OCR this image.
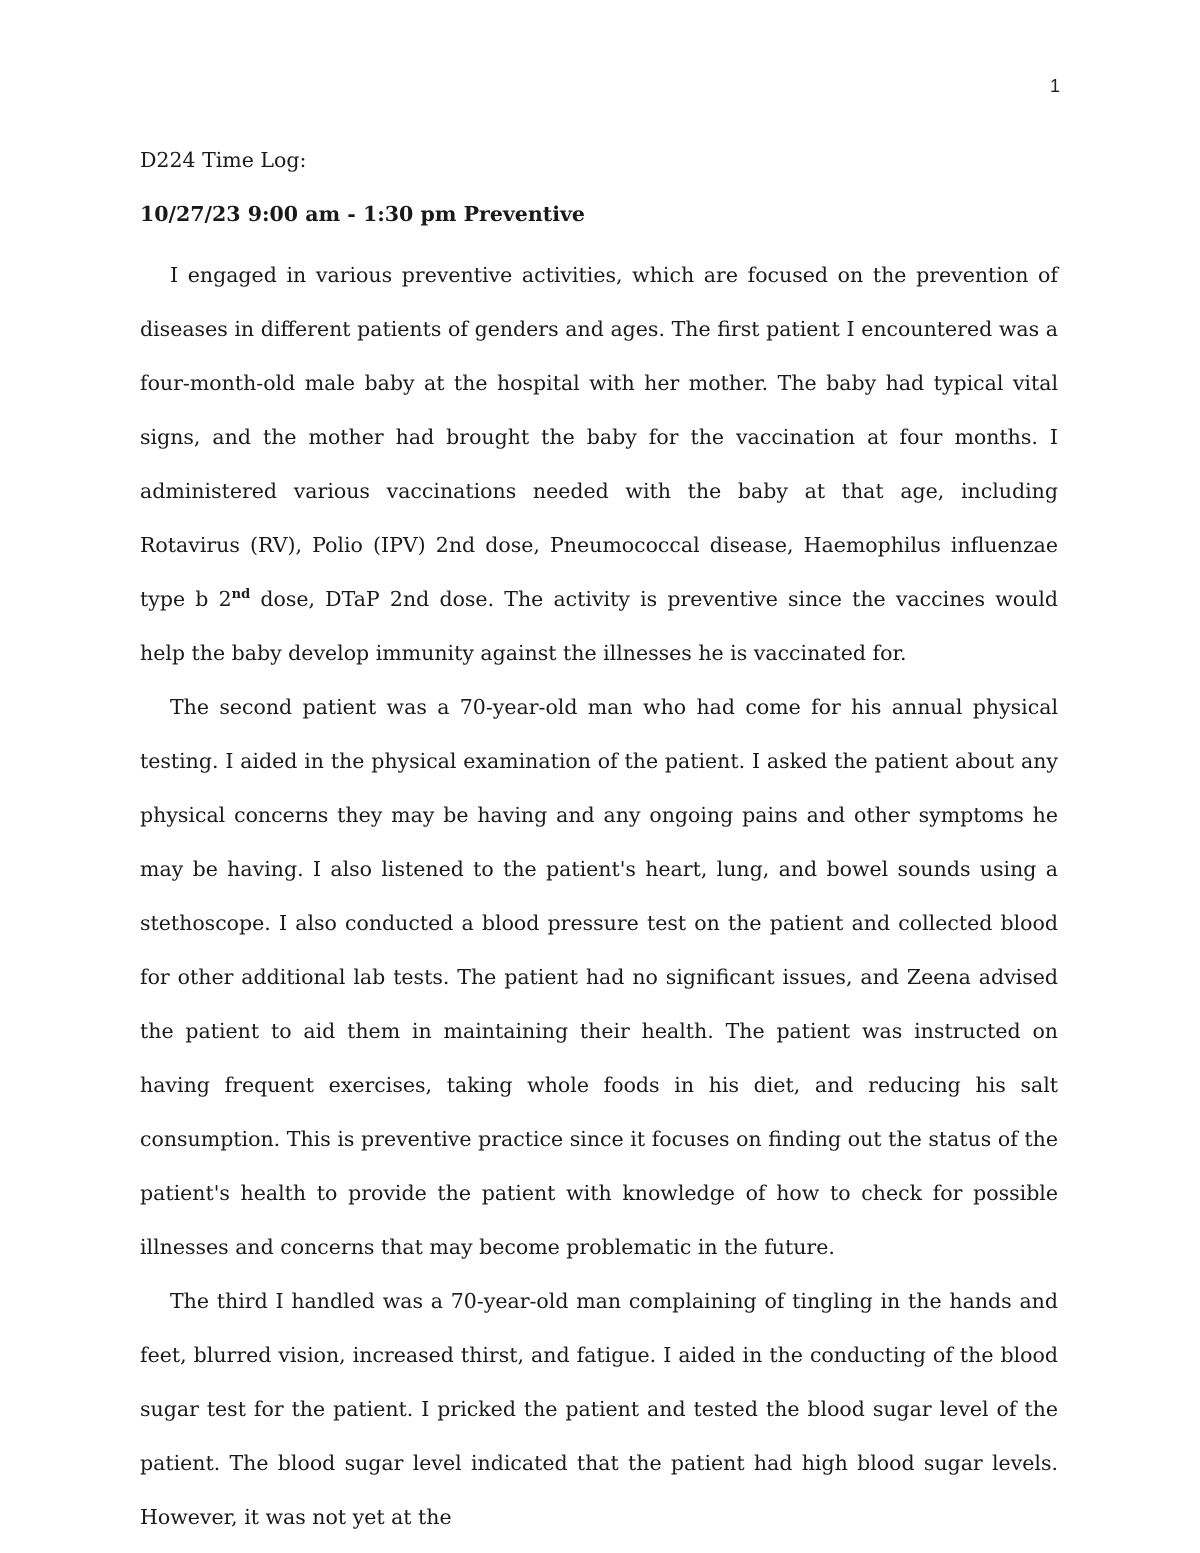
1
D224 Time Log:
10/27/23 9:00 am - 1:30 pm Preventive

I engaged in various preventive activities, which are focused on the prevention of diseases in different patients of genders and ages. The first patient I encountered was a four-month-old male baby at the hospital with her mother. The baby had typical vital signs, and the mother had brought the baby for the vaccination at four months. I administered various vaccinations needed with the baby at that age, including Rotavirus (RV), Polio (IPV) 2nd dose, Pneumococcal disease, Haemophilus influenzae type b 2nd dose, DTaP 2nd dose. The activity is preventive since the vaccines would help the baby develop immunity against the illnesses he is vaccinated for.

The second patient was a 70-year-old man who had come for his annual physical testing. I aided in the physical examination of the patient. I asked the patient about any physical concerns they may be having and any ongoing pains and other symptoms he may be having. I also listened to the patient's heart, lung, and bowel sounds using a stethoscope. I also conducted a blood pressure test on the patient and collected blood for other additional lab tests. The patient had no significant issues, and Zeena advised the patient to aid them in maintaining their health. The patient was instructed on having frequent exercises, taking whole foods in his diet, and reducing his salt consumption. This is preventive practice since it focuses on finding out the status of the patient's health to provide the patient with knowledge of how to check for possible illnesses and concerns that may become problematic in the future.

The third I handled was a 70-year-old man complaining of tingling in the hands and feet, blurred vision, increased thirst, and fatigue. I aided in the conducting of the blood sugar test for the patient. I pricked the patient and tested the blood sugar level of the patient. The blood sugar level indicated that the patient had high blood sugar levels. However, it was not yet at the
